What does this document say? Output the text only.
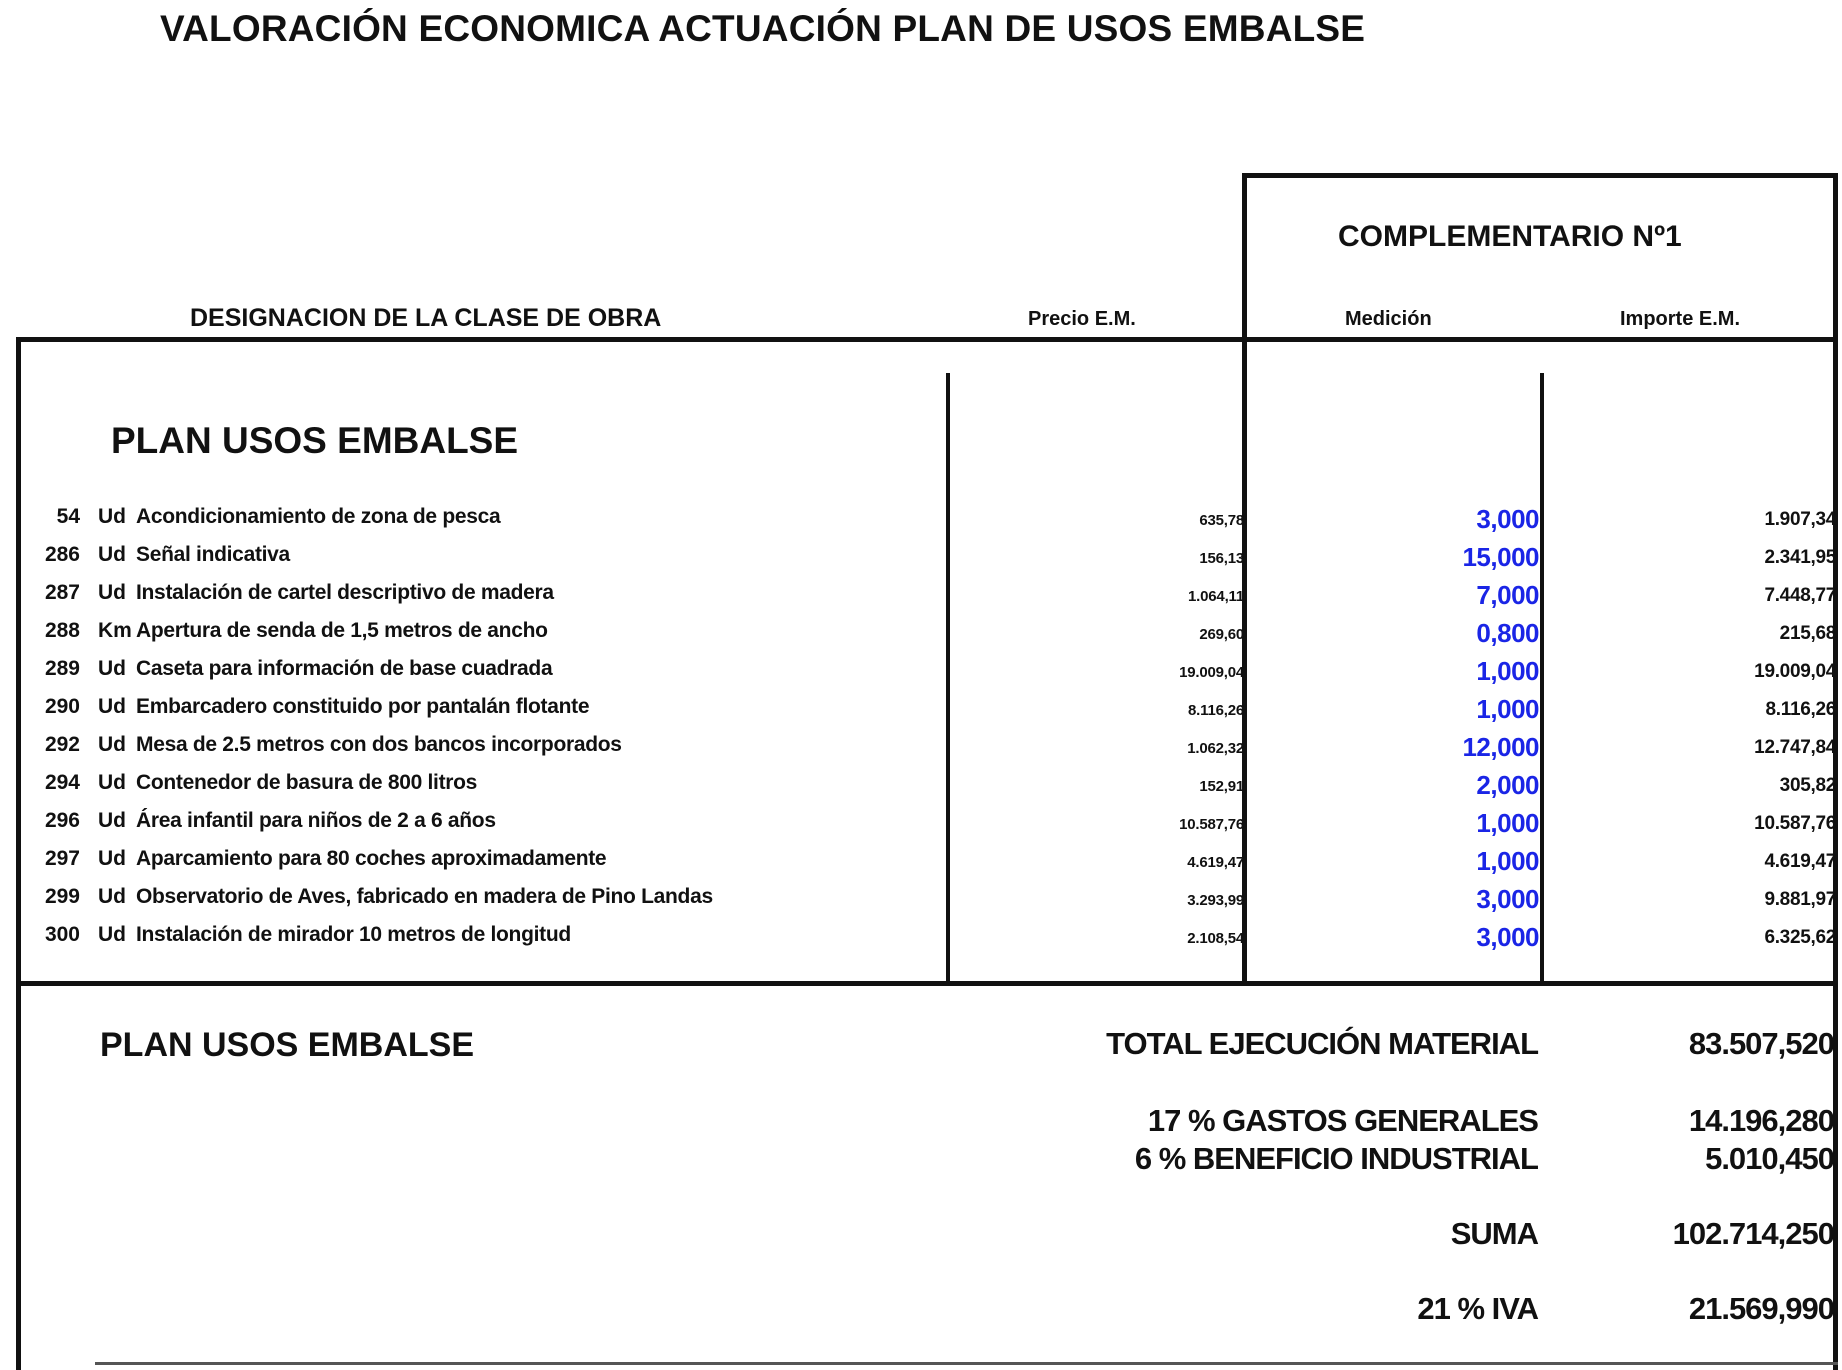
VALORACIÓN ECONOMICA ACTUACIÓN PLAN DE USOS EMBALSE
COMPLEMENTARIO Nº1
DESIGNACION DE LA CLASE DE OBRA	Precio E.M.	Medición	Importe E.M.
PLAN USOS EMBALSE
54 Ud Acondicionamiento de zona de pesca	635,78	3,000	1.907,34
286 Ud Señal indicativa	156,13	15,000	2.341,95
287 Ud Instalación de cartel descriptivo de madera	1.064,11	7,000	7.448,77
288 Km Apertura de senda de 1,5 metros de ancho	269,60	0,800	215,68
289 Ud Caseta para información de base cuadrada	19.009,04	1,000	19.009,04
290 Ud Embarcadero constituido por pantalán flotante	8.116,26	1,000	8.116,26
292 Ud Mesa de 2.5 metros con dos bancos incorporados	1.062,32	12,000	12.747,84
294 Ud Contenedor de basura de 800 litros	152,91	2,000	305,82
296 Ud Área infantil para niños de 2 a 6 años	10.587,76	1,000	10.587,76
297 Ud Aparcamiento para 80 coches aproximadamente	4.619,47	1,000	4.619,47
299 Ud Observatorio de Aves, fabricado en madera de Pino Landas	3.293,99	3,000	9.881,97
300 Ud Instalación de mirador 10 metros de longitud	2.108,54	3,000	6.325,62
PLAN USOS EMBALSE	TOTAL EJECUCIÓN MATERIAL	83.507,520
17 % GASTOS GENERALES	14.196,280
6 % BENEFICIO INDUSTRIAL	5.010,450
SUMA	102.714,250
21 % IVA	21.569,990
